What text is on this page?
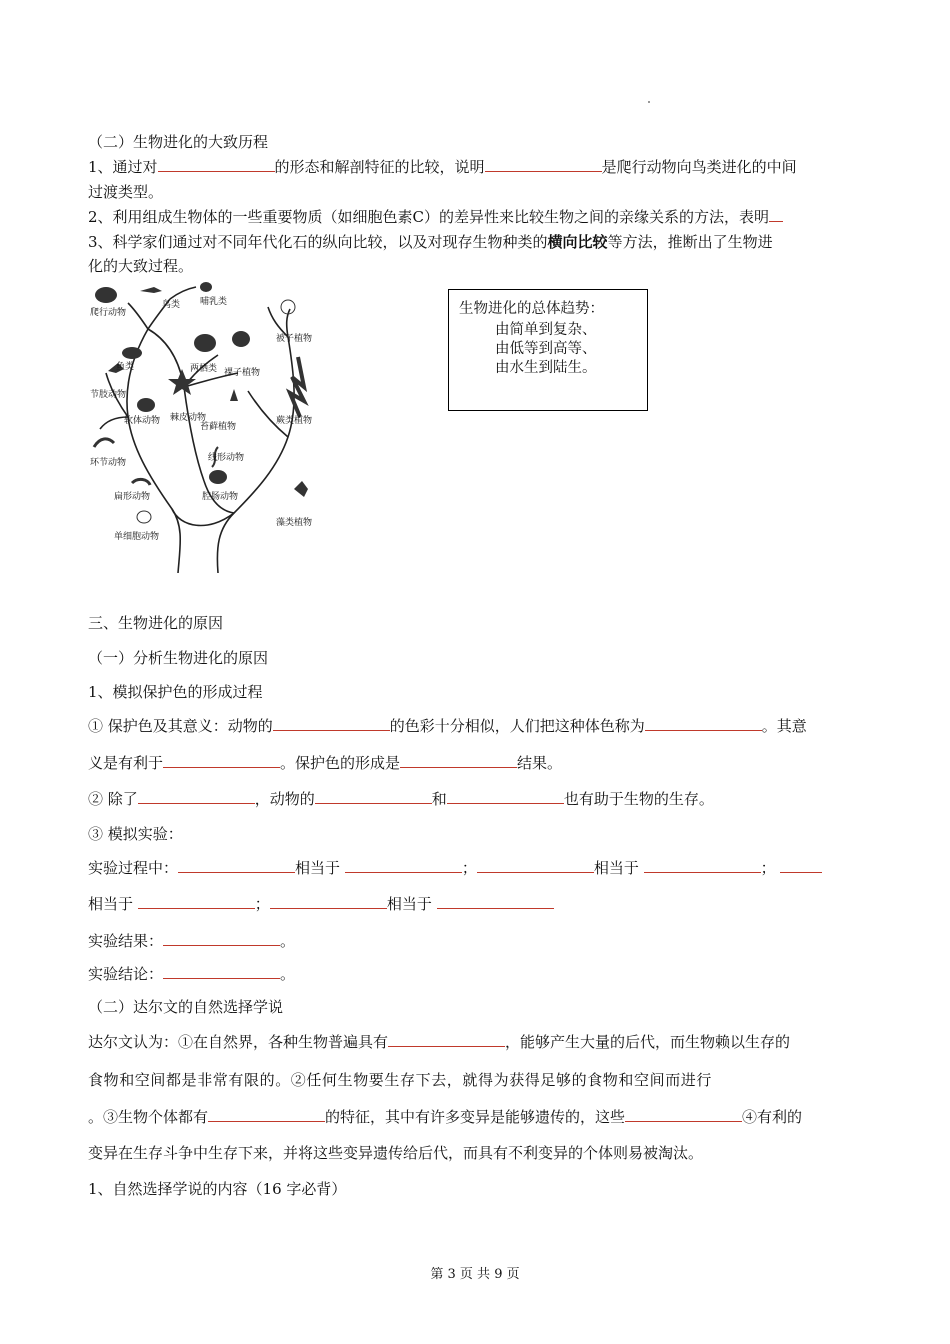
（二）生物进化的大致历程
1、通过对	的形态和解剖特征的比较，说明	是爬行动物向鸟类进化的中间
过渡类型。
2、利用组成生物体的一些重要物质（如细胞色素C）的差异性来比较生物之间的亲缘关系的方法，表明
3、科学家们通过对不同年代化石的纵向比较，以及对现存生物种类的横向比较等方法，推断出了生物进
化的大致过程。
爬行动物
鸟类 哺乳类
被子植物
鱼类	两栖类 裸子植物
节肢动物
棘皮动物
软体动物
苔藓植物
蕨类植物
环节动物	线形动物
扁形动物	腔肠动物
藻类植物
单细胞动物
生物进化的总体趋势：
由简单到复杂、
由低等到高等、
由水生到陆生。
三、生物进化的原因
（一）分析生物进化的原因
1、模拟保护色的形成过程
① 保护色及其意义：动物的	的色彩十分相似，人们把这种体色称为	。其意
义是有利于	。保护色的形成是	结果。
② 除了	，动物的	和	也有助于生物的生存。
③ 模拟实验：
实验过程中：	相当于	；	相当于	；
相当于	；	相当于
实验结果：	。
实验结论：	。
（二）达尔文的自然选择学说
达尔文认为：①在自然界，各种生物普遍具有	，能够产生大量的后代，而生物赖以生存的
食物和空间都是非常有限的。②任何生物要生存下去，就得为获得足够的食物和空间而进行
。③生物个体都有	的特征，其中有许多变异是能够遗传的，这些	④有利的
变异在生存斗争中生存下来，并将这些变异遗传给后代，而具有不利变异的个体则易被淘汰。
1、自然选择学说的内容（16 字必背）
第 3 页 共 9 页
